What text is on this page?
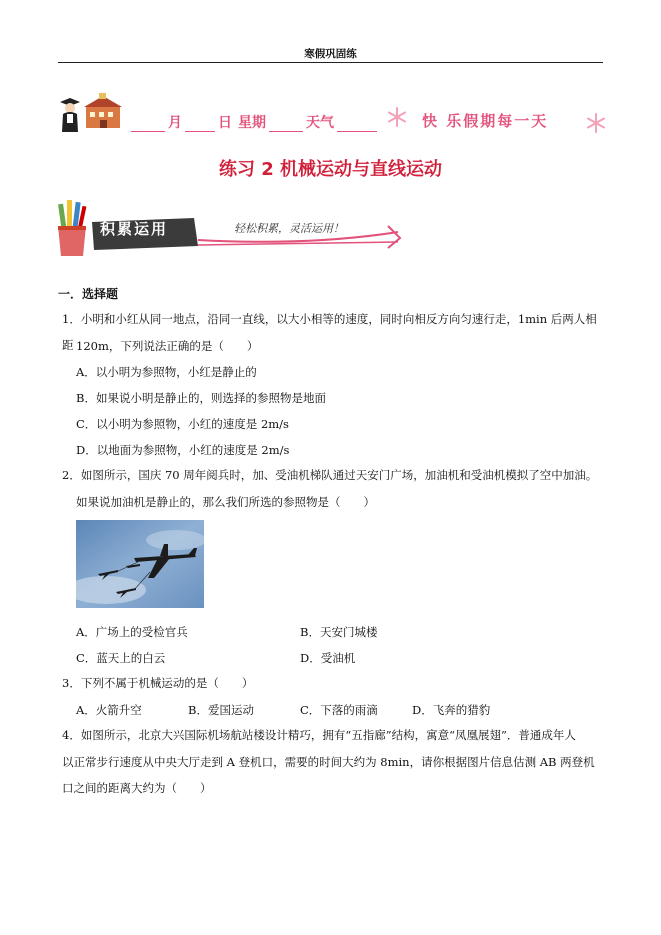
寒假巩固练
月	日 星期	天气	快 乐假期每一天
练习 2 机械运动与直线运动
积累运用	轻松积累，灵活运用！
一．选择题
1．小明和小红从同一地点，沿同一直线，以大小相等的速度，同时向相反方向匀速行走，1min 后两人相距 120m，下列说法正确的是（　　）
A．以小明为参照物，小红是静止的
B．如果说小明是静止的，则选择的参照物是地面
C．以小明为参照物，小红的速度是 2m/s
D．以地面为参照物，小红的速度是 2m/s
2．如图所示，国庆 70 周年阅兵时，加、受油机梯队通过天安门广场，加油机和受油机模拟了空中加油。
如果说加油机是静止的，那么我们所选的参照物是（　　）
A．广场上的受检官兵	B．天安门城楼
C．蓝天上的白云	D．受油机
3．下列不属于机械运动的是（　　）
A．火箭升空	B．爱国运动	C．下落的雨滴	D．飞奔的猎豹
4．如图所示，北京大兴国际机场航站楼设计精巧，拥有“五指廊”结构，寓意“凤凰展翅”．普通成年人
以正常步行速度从中央大厅走到 A 登机口，需要的时间大约为 8min，请你根据图片信息估测 AB 两登机
口之间的距离大约为（　　）
